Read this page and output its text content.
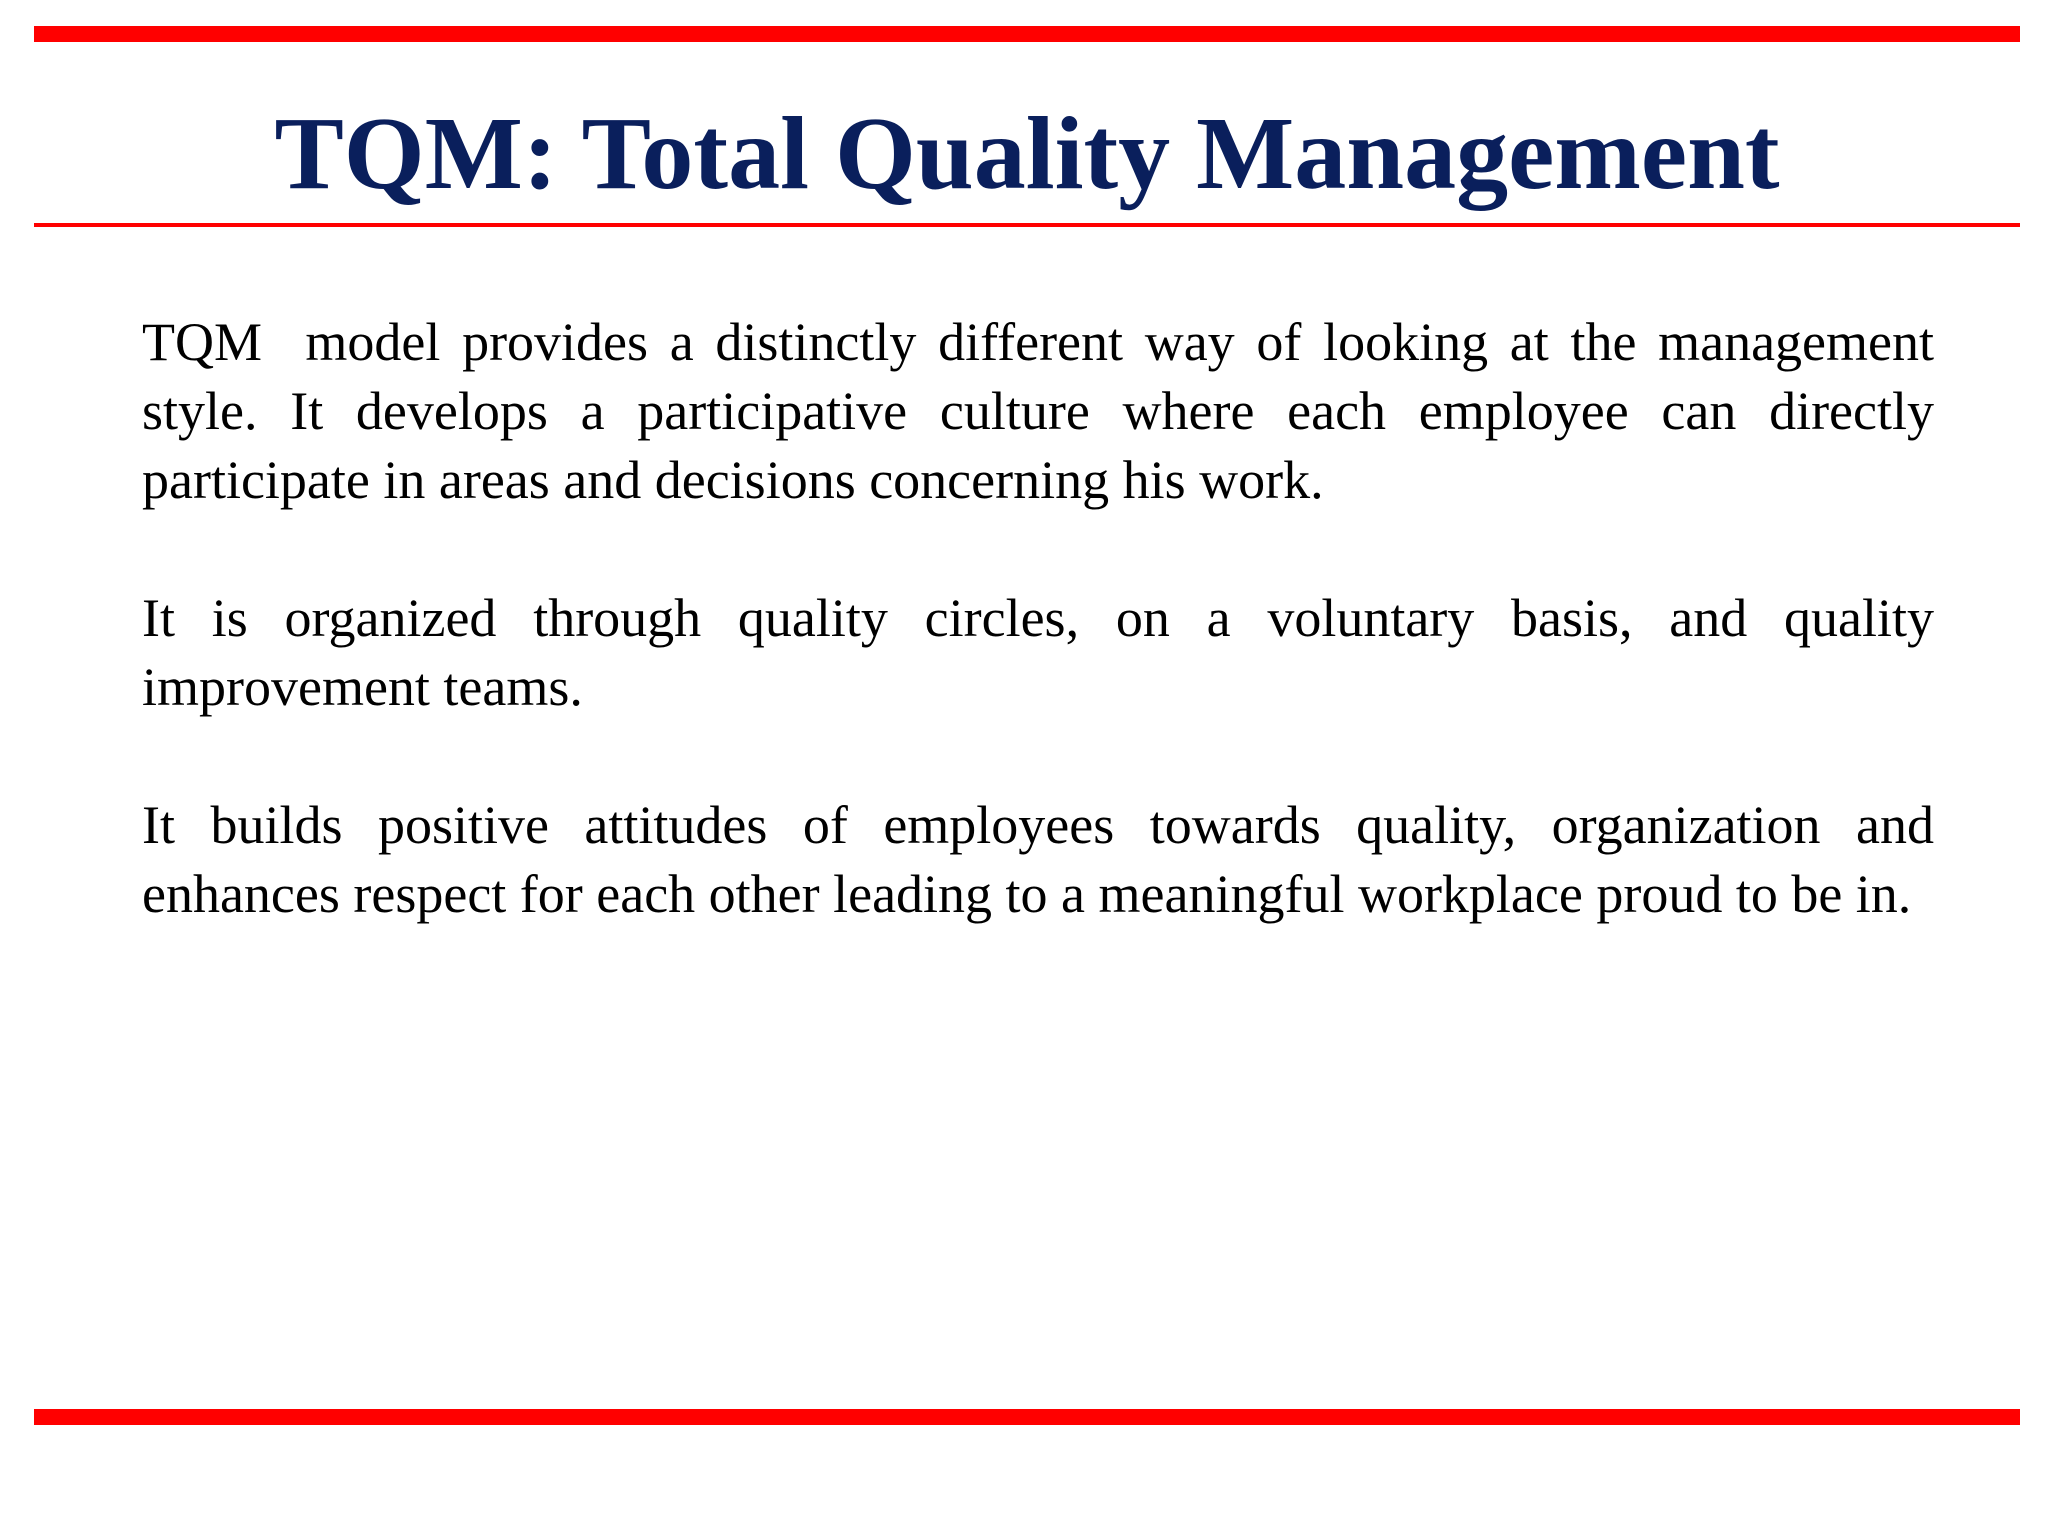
TQM: Total Quality Management

TQM  model provides a distinctly different way of looking at the management style. It develops a participative culture where each employee can directly participate in areas and decisions concerning his work.

It is organized through quality circles, on a voluntary basis, and quality improvement teams.

It builds positive attitudes of employees towards quality, organization and enhances respect for each other leading to a meaningful workplace proud to be in.
